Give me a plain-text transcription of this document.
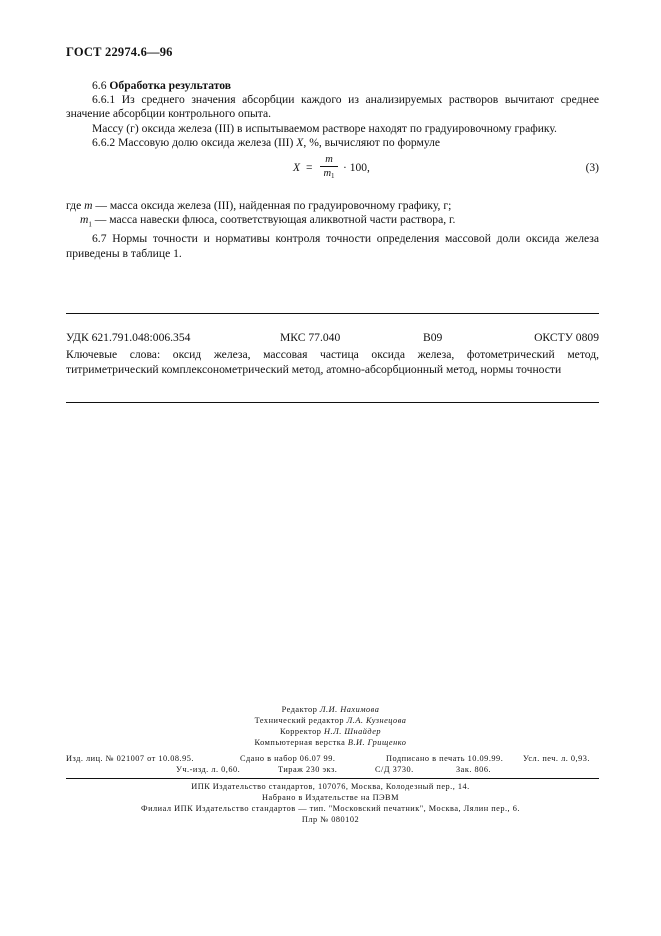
ГОСТ 22974.6—96

6.6 Обработка результатов

6.6.1 Из среднего значения абсорбции каждого из анализируемых растворов вычитают среднее значение абсорбции контрольного опыта.

Массу (г) оксида железа (III) в испытываемом растворе находят по градуировочному графику.

6.6.2 Массовую долю оксида железа (III) X, %, вычисляют по формуле

X =
m
$m_1$
· 100,	(3)

где m — масса оксида железа (III), найденная по градуировочному графику, г;

$m_1$ — масса навески флюса, соответствующая аликвотной части раствора, г.

6.7 Нормы точности и нормативы контроля точности определения массовой доли оксида железа приведены в таблице 1.

УДК 621.791.048:006.354	МКС 77.040	В09	ОКСТУ 0809
Ключевые слова: оксид железа, массовая частица оксида железа, фотометрический метод, титриметрический комплексонометрический метод, атомно-абсорбционный метод, нормы точности
Редактор Л.И. Нахимова
Технический редактор Л.А. Кузнецова
Корректор Н.Л. Шнайдер
Компьютерная верстка В.И. Грищенко
Изд. лиц. № 021007 от 10.08.95.	Сдано в набор 06.07 99.	Подписано в печать 10.09.99. Усл. печ. л. 0,93.
Уч.-изд. л. 0,60.	Тираж 230 экз.	С/Д 3730.	Зак. 806.
ИПК Издательство стандартов, 107076, Москва, Колодезный пер., 14.
Набрано в Издательстве на ПЭВМ
Филиал ИПК Издательство стандартов — тип. "Московский печатник", Москва, Лялин пер., 6.
Плр № 080102
